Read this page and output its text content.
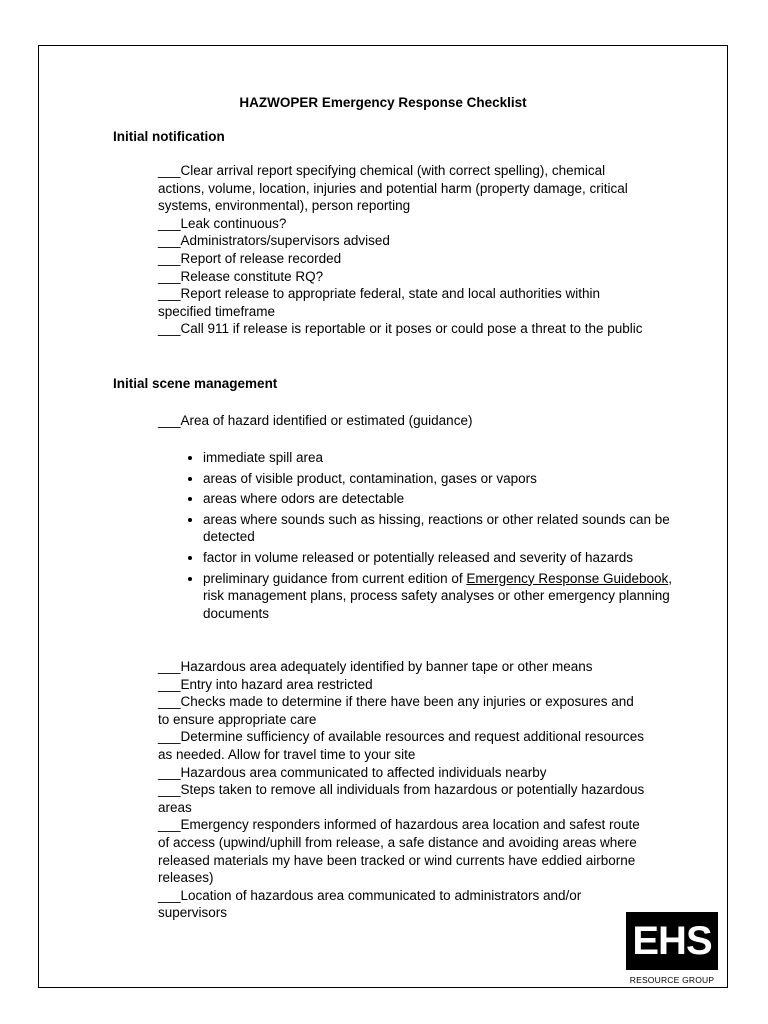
HAZWOPER Emergency Response Checklist
Initial notification

___Clear arrival report specifying chemical (with correct spelling), chemical actions, volume, location, injuries and potential harm (property damage, critical systems, environmental), person reporting

___Leak continuous?

___Administrators/supervisors advised

___Report of release recorded

___Release constitute RQ?

___Report release to appropriate federal, state and local authorities within specified timeframe

___Call 911 if release is reportable or it poses or could pose a threat to the public

Initial scene management

___Area of hazard identified or estimated (guidance)

• immediate spill area
• areas of visible product, contamination, gases or vapors
• areas where odors are detectable
• areas where sounds such as hissing, reactions or other related sounds can be detected
• factor in volume released or potentially released and severity of hazards
• preliminary guidance from current edition of Emergency Response Guidebook, risk management plans, process safety analyses or other emergency planning documents

___Hazardous area adequately identified by banner tape or other means

___Entry into hazard area restricted

___Checks made to determine if there have been any injuries or exposures and to ensure appropriate care

___Determine sufficiency of available resources and request additional resources as needed. Allow for travel time to your site

___Hazardous area communicated to affected individuals nearby

___Steps taken to remove all individuals from hazardous or potentially hazardous areas

___Emergency responders informed of hazardous area location and safest route of access (upwind/uphill from release, a safe distance and avoiding areas where released materials my have been tracked or wind currents have eddied airborne releases)

___Location of hazardous area communicated to administrators and/or supervisors

EHS
RESOURCE GROUP
